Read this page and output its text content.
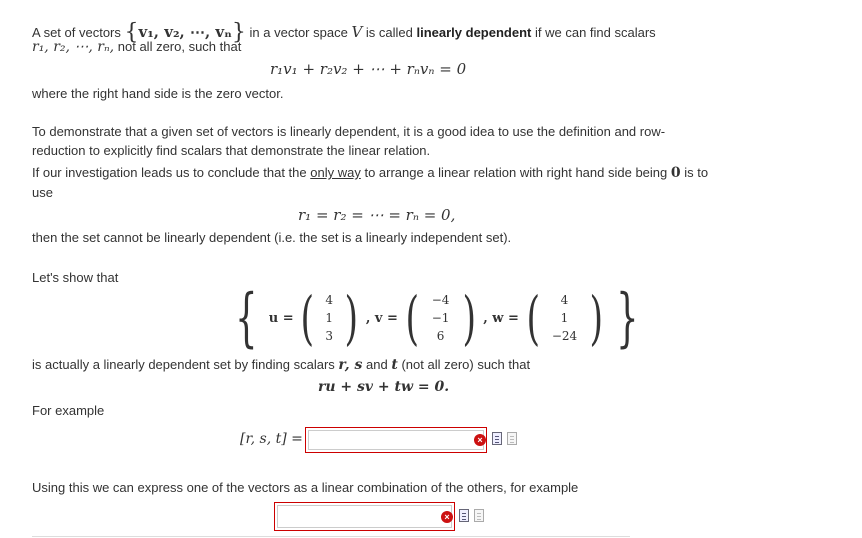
A set of vectors {v₁, v₂, ⋯, vₙ} in a vector space V is called linearly dependent if we can find scalars
r₁, r₂, ⋯, rₙ, not all zero, such that
r₁v₁ + r₂v₂ + ⋯ + rₙvₙ = 0
where the right hand side is the zero vector.
To demonstrate that a given set of vectors is linearly dependent, it is a good idea to use the definition and row-
reduction to explicitly find scalars that demonstrate the linear relation.
If our investigation leads us to conclude that the only way to arrange a linear relation with right hand side being 0 is to
use
r₁ = r₂ = ⋯ = rₙ = 0,
then the set cannot be linearly dependent (i.e. the set is a linearly independent set).
Let's show that
{ u = ( 4
1
3 ) , v = ( −4
−1
6 ) , w = ( 4
1
−24 ) }
is actually a linearly dependent set by finding scalars r, s and t (not all zero) such that
ru + sv + tw = 0.
For example
[r, s, t] =	×
Using this we can express one of the vectors as a linear combination of the others, for example
×
